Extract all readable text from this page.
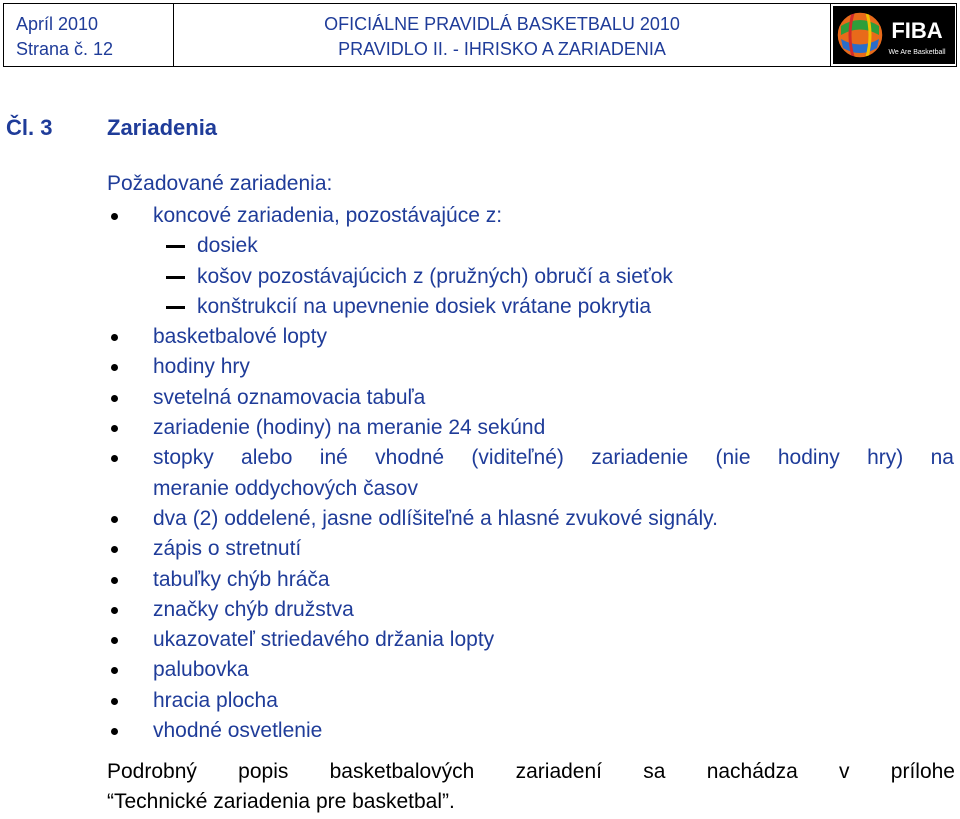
Apríl 2010
Strana č. 12
OFICIÁLNE PRAVIDLÁ BASKETBALU 2010
PRAVIDLO II. - IHRISKO A ZARIADENIA
FIBA
We Are Basketball
Čl. 3 Zariadenia
Požadované zariadenia:
koncové zariadenia, pozostávajúce z:
dosiek
košov pozostávajúcich z (pružných) obručí a sieťok
konštrukcií na upevnenie dosiek vrátane pokrytia
basketbalové lopty
hodiny hry
svetelná oznamovacia tabuľa
zariadenie (hodiny) na meranie 24 sekúnd
stopky alebo iné vhodné (viditeľné) zariadenie (nie hodiny hry) na
meranie oddychových časov
dva (2) oddelené, jasne odlíšiteľné a hlasné zvukové signály.
zápis o stretnutí
tabuľky chýb hráča
značky chýb družstva
ukazovateľ striedavého držania lopty
palubovka
hracia plocha
vhodné osvetlenie
Podrobný popis basketbalových zariadení sa nachádza v prílohe
“Technické zariadenia pre basketbal”.
